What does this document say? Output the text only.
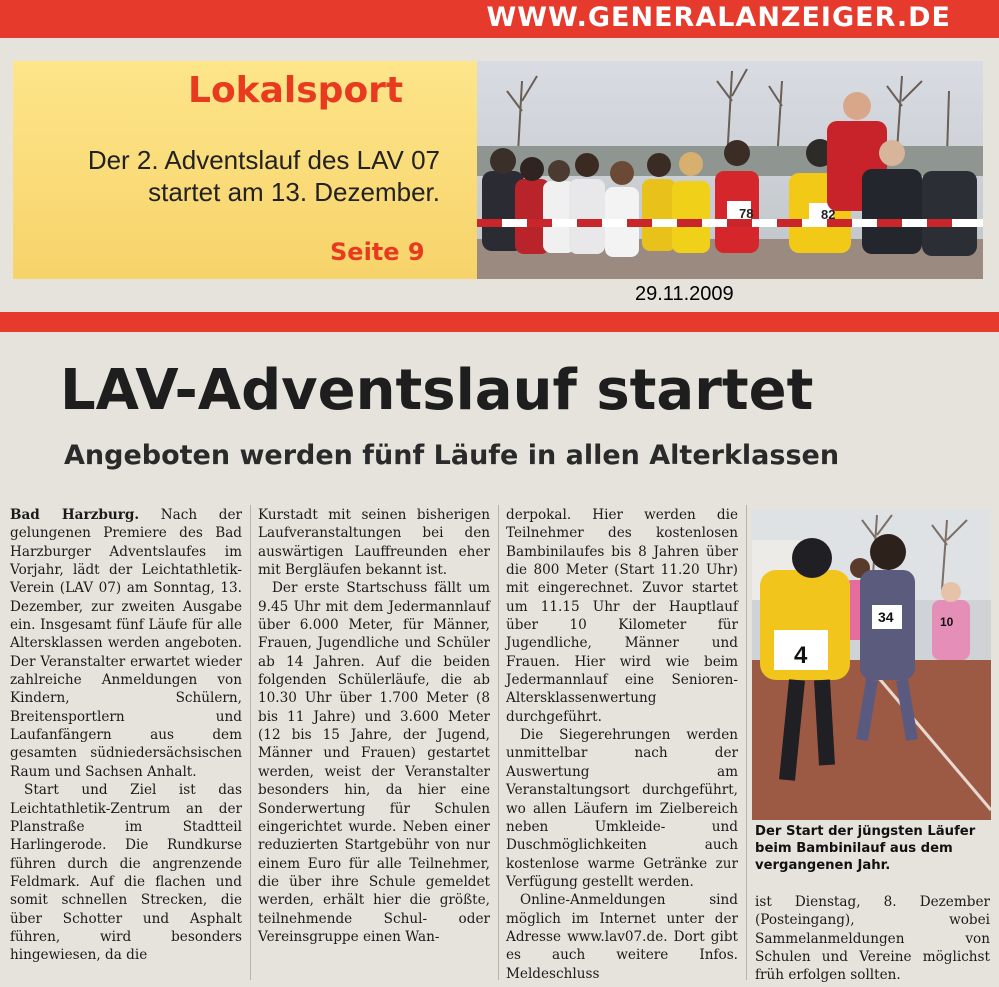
WWW.GENERALANZEIGER.DE
Lokalsport
Der 2. Adventslauf des LAV 07
startet am 13. Dezember.
Seite 9
78	82
29.11.2009
LAV-Adventslauf startet
Angeboten werden fünf Läufe in allen Alterklassen

Bad Harzburg. Nach der gelungenen Premiere des Bad Harzburger Adventslaufes im Vorjahr, lädt der Leichtathletik-Verein (LAV 07) am Sonntag, 13. Dezember, zur zweiten Ausgabe ein. Insgesamt fünf Läufe für alle Altersklassen werden angeboten. Der Veranstalter erwartet wieder zahlreiche Anmeldungen von Kindern, Schülern, Breitensportlern und Laufanfängern aus dem gesamten südniedersächsischen Raum und Sachsen Anhalt.

Start und Ziel ist das Leichtathletik-Zentrum an der Planstraße im Stadtteil Harlingerode. Die Rundkurse führen durch die angrenzende Feldmark. Auf die flachen und somit schnellen Strecken, die über Schotter und Asphalt führen, wird besonders hingewiesen, da die

Kurstadt mit seinen bisherigen Laufveranstaltungen bei den auswärtigen Lauffreunden eher mit Bergläufen bekannt ist.

Der erste Startschuss fällt um 9.45 Uhr mit dem Jedermannlauf über 6.000 Meter, für Männer, Frauen, Jugendliche und Schüler ab 14 Jahren. Auf die beiden folgenden Schülerläufe, die ab 10.30 Uhr über 1.700 Meter (8 bis 11 Jahre) und 3.600 Meter (12 bis 15 Jahre, der Jugend, Männer und Frauen) gestartet werden, weist der Veranstalter besonders hin, da hier eine Sonderwertung für Schulen eingerichtet wurde. Neben einer reduzierten Startgebühr von nur einem Euro für alle Teilnehmer, die über ihre Schule gemeldet werden, erhält hier die größte, teilnehmende Schul- oder Vereinsgruppe einen Wan-

derpokal. Hier werden die Teilnehmer des kostenlosen Bambinilaufes bis 8 Jahren über die 800 Meter (Start 11.20 Uhr) mit eingerechnet. Zuvor startet um 11.15 Uhr der Hauptlauf über 10 Kilometer für Jugendliche, Männer und Frauen. Hier wird wie beim Jedermannlauf eine Senioren-Altersklassenwertung durchgeführt.

Die Siegerehrungen werden unmittelbar nach der Auswertung am Veranstaltungsort durchgeführt, wo allen Läufern im Zielbereich neben Umkleide- und Duschmöglichkeiten auch kostenlose warme Getränke zur Verfügung gestellt werden.

Online-Anmeldungen sind möglich im Internet unter der Adresse www.lav07.de. Dort gibt es auch weitere Infos. Meldeschluss

4
34	10
Der Start der jüngsten Läufer beim Bambinilauf aus dem vergangenen Jahr.

ist Dienstag, 8. Dezember (Posteingang), wobei Sammelanmeldungen von Schulen und Vereine möglichst früh erfolgen sollten.
